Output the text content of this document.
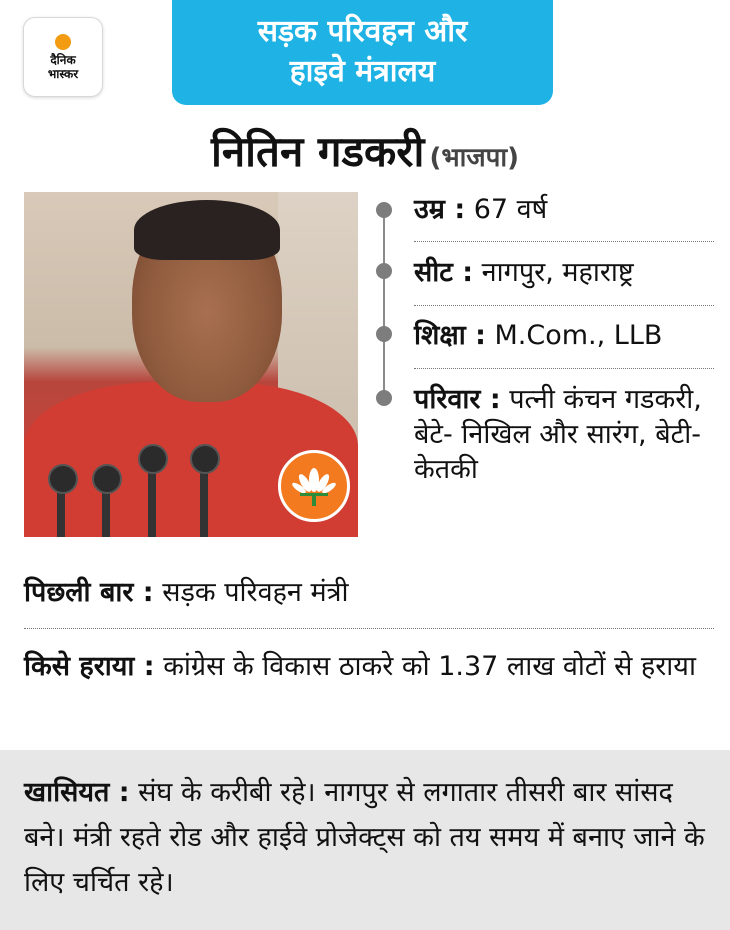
दैनिक
भास्कर
सड़क परिवहन और
हाइवे मंत्रालय
नितिन गडकरी (भाजपा)
उम्र : 67 वर्ष
सीट : नागपुर, महाराष्ट्र
शिक्षा : M.Com., LLB
परिवार : पत्नी कंचन गडकरी, बेटे- निखिल और सारंग, बेटी- केतकी
पिछली बार : सड़क परिवहन मंत्री
किसे हराया : कांग्रेस के विकास ठाकरे को 1.37 लाख वोटों से हराया
खासियत : संघ के करीबी रहे। नागपुर से लगातार तीसरी बार सांसद बने। मंत्री रहते रोड और हाईवे प्रोजेक्ट्स को तय समय में बनाए जाने के लिए चर्चित रहे।
